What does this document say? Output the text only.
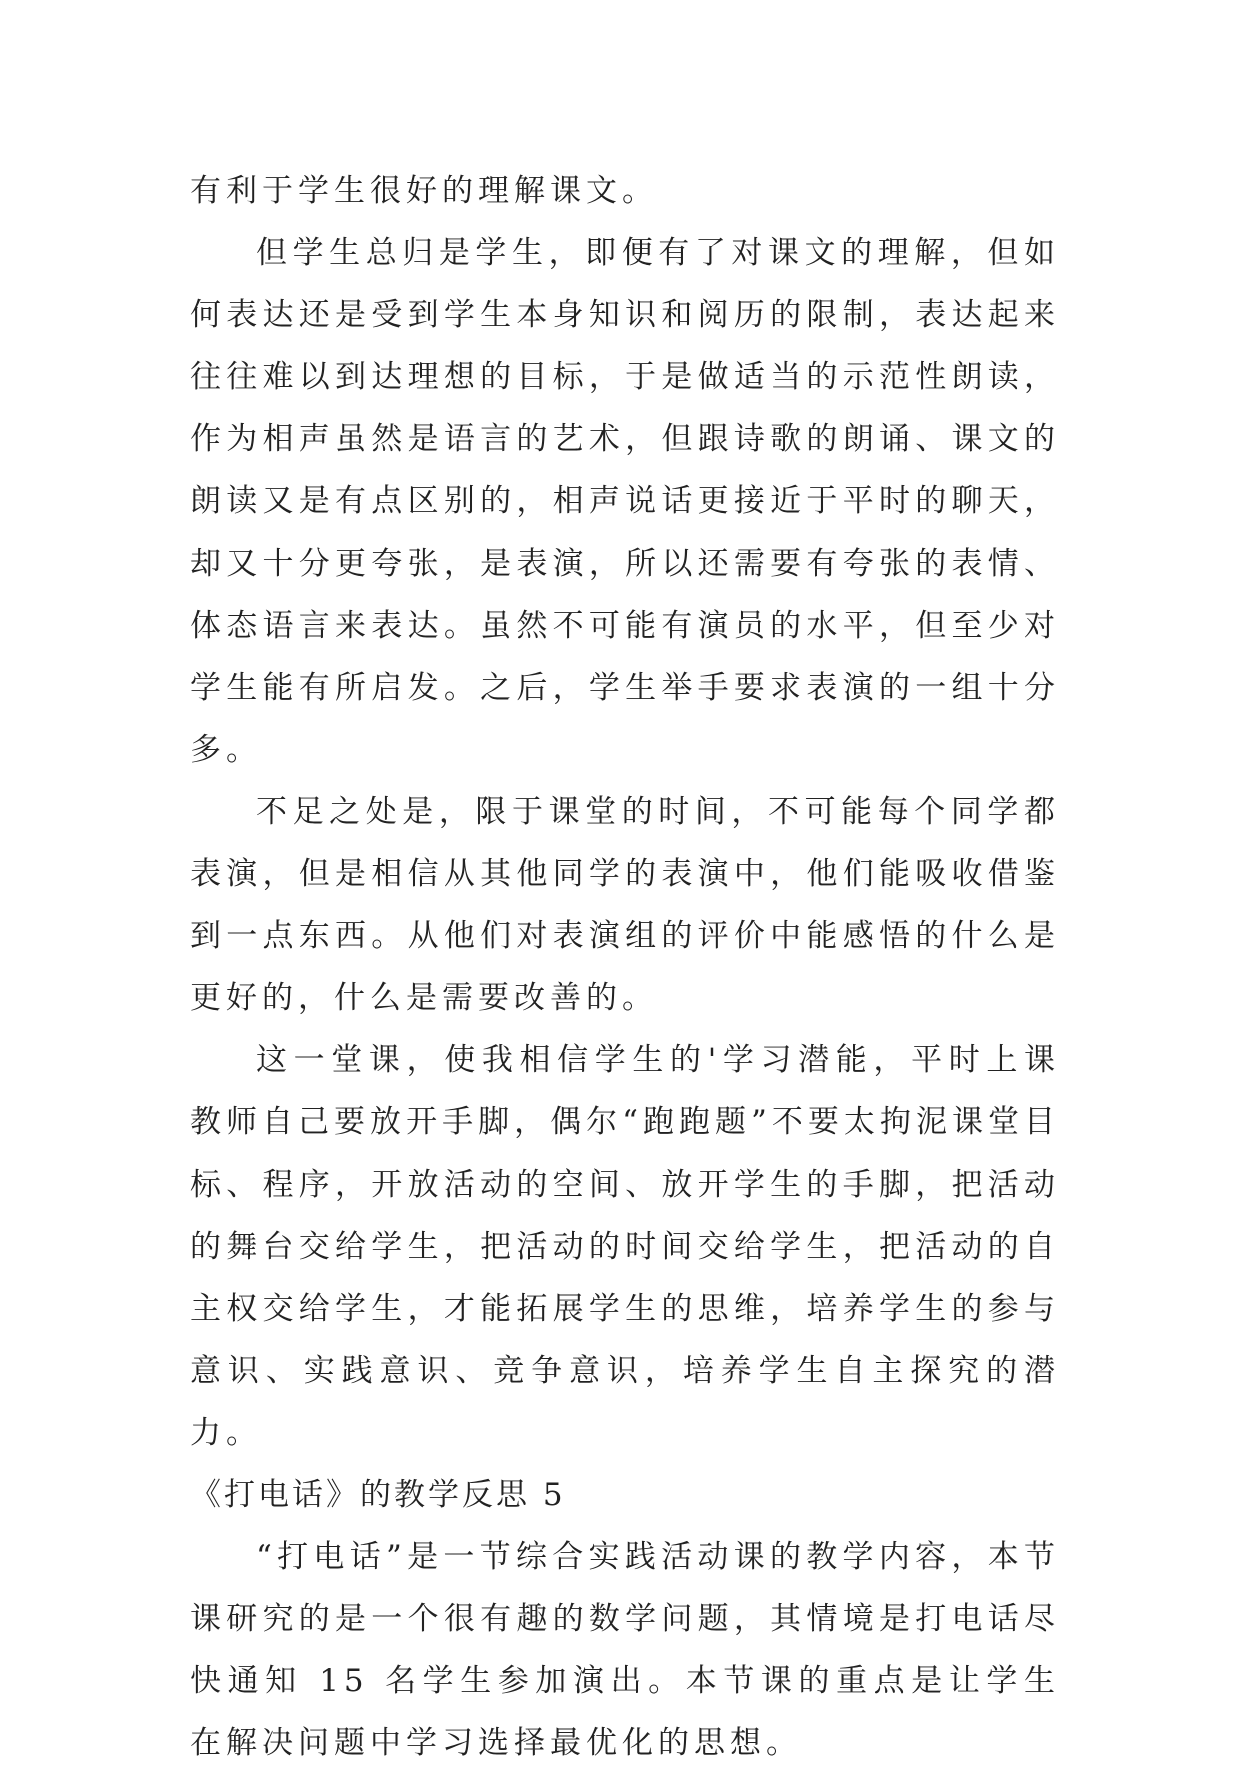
有利于学生很好的理解课文。

但学生总归是学生，即便有了对课文的理解，但如何表达还是受到学生本身知识和阅历的限制，表达起来往往难以到达理想的目标，于是做适当的示范性朗读，作为相声虽然是语言的艺术，但跟诗歌的朗诵、课文的朗读又是有点区别的，相声说话更接近于平时的聊天，却又十分更夸张，是表演，所以还需要有夸张的表情、体态语言来表达。虽然不可能有演员的水平，但至少对学生能有所启发。之后，学生举手要求表演的一组十分多。

不足之处是，限于课堂的时间，不可能每个同学都表演，但是相信从其他同学的表演中，他们能吸收借鉴到一点东西。从他们对表演组的评价中能感悟的什么是更好的，什么是需要改善的。

这一堂课，使我相信学生的'学习潜能，平时上课教师自己要放开手脚，偶尔“跑跑题”不要太拘泥课堂目标、程序，开放活动的空间、放开学生的手脚，把活动的舞台交给学生，把活动的时间交给学生，把活动的自主权交给学生，才能拓展学生的思维，培养学生的参与意识、实践意识、竞争意识，培养学生自主探究的潜力。

《打电话》的教学反思 5

“打电话”是一节综合实践活动课的教学内容，本节课研究的是一个很有趣的数学问题，其情境是打电话尽快通知 15 名学生参加演出。本节课的重点是让学生在解决问题中学习选择最优化的思想。
